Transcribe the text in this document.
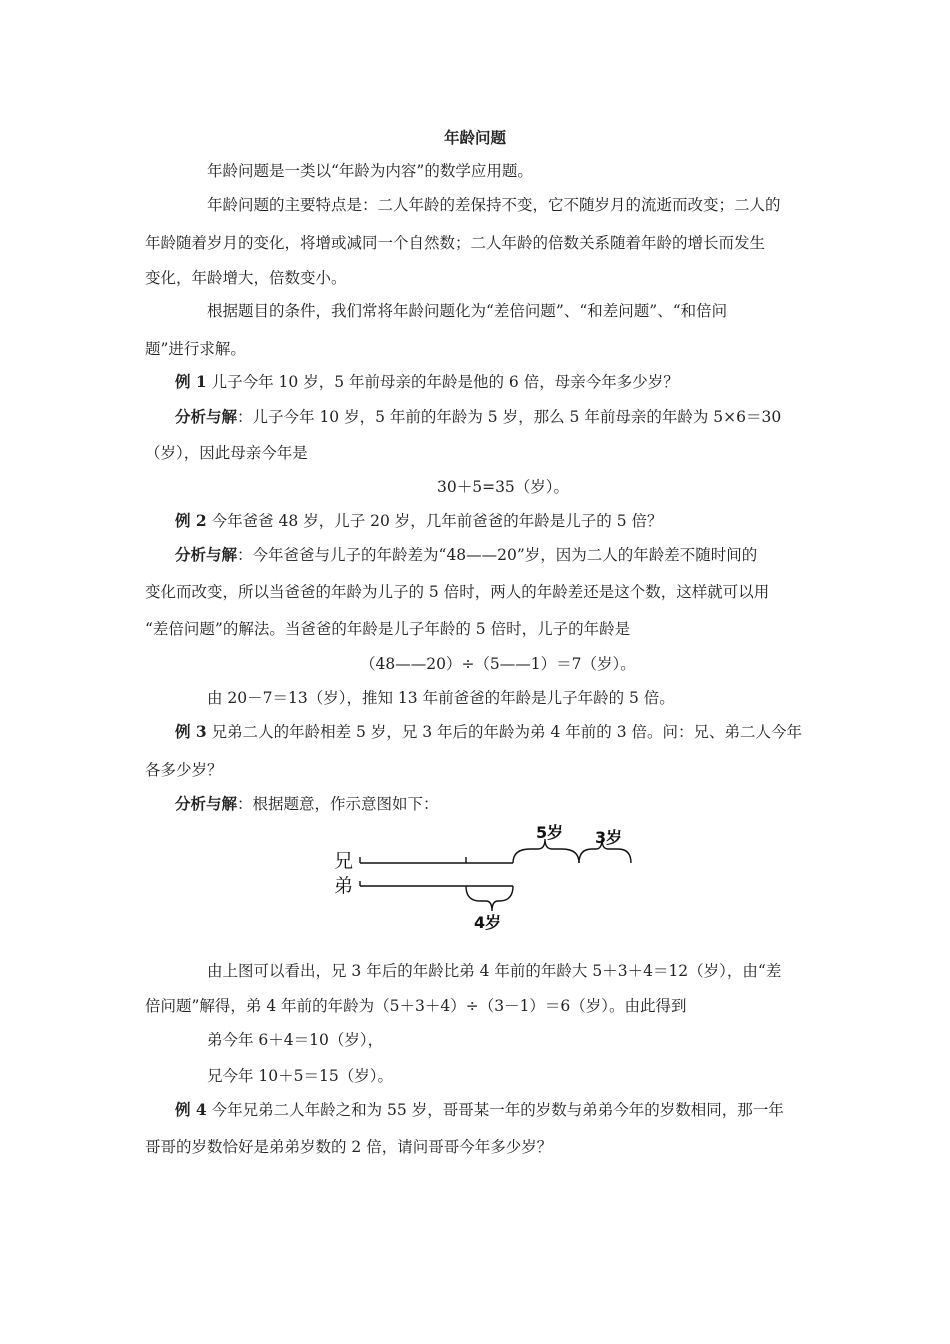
年龄问题
年龄问题是一类以“年龄为内容”的数学应用题。
年龄问题的主要特点是：二人年龄的差保持不变，它不随岁月的流逝而改变；二人的
年龄随着岁月的变化，将增或减同一个自然数；二人年龄的倍数关系随着年龄的增长而发生
变化，年龄增大，倍数变小。
根据题目的条件，我们常将年龄问题化为“差倍问题”、“和差问题”、“和倍问
题”进行求解。
例 1 儿子今年 10 岁，5 年前母亲的年龄是他的 6 倍，母亲今年多少岁？
分析与解：儿子今年 10 岁，5 年前的年龄为 5 岁，那么 5 年前母亲的年龄为 5×6＝30
（岁），因此母亲今年是
30＋5=35（岁）。
例 2 今年爸爸 48 岁，儿子 20 岁，几年前爸爸的年龄是儿子的 5 倍？
分析与解：今年爸爸与儿子的年龄差为“48——20”岁，因为二人的年龄差不随时间的
变化而改变，所以当爸爸的年龄为儿子的 5 倍时，两人的年龄差还是这个数，这样就可以用
“差倍问题”的解法。当爸爸的年龄是儿子年龄的 5 倍时，儿子的年龄是
（48——20）÷（5——1）＝7（岁）。
由 20－7＝13（岁），推知 13 年前爸爸的年龄是儿子年龄的 5 倍。
例 3 兄弟二人的年龄相差 5 岁，兄 3 年后的年龄为弟 4 年前的 3 倍。问：兄、弟二人今年
各多少岁？
分析与解：根据题意，作示意图如下：
兄
弟
5岁 3岁
4岁
由上图可以看出，兄 3 年后的年龄比弟 4 年前的年龄大 5＋3＋4＝12（岁），由“差
倍问题”解得，弟 4 年前的年龄为（5＋3＋4）÷（3－1）＝6（岁）。由此得到
弟今年 6＋4＝10（岁），
兄今年 10＋5＝15（岁）。
例 4 今年兄弟二人年龄之和为 55 岁，哥哥某一年的岁数与弟弟今年的岁数相同，那一年
哥哥的岁数恰好是弟弟岁数的 2 倍，请问哥哥今年多少岁？
